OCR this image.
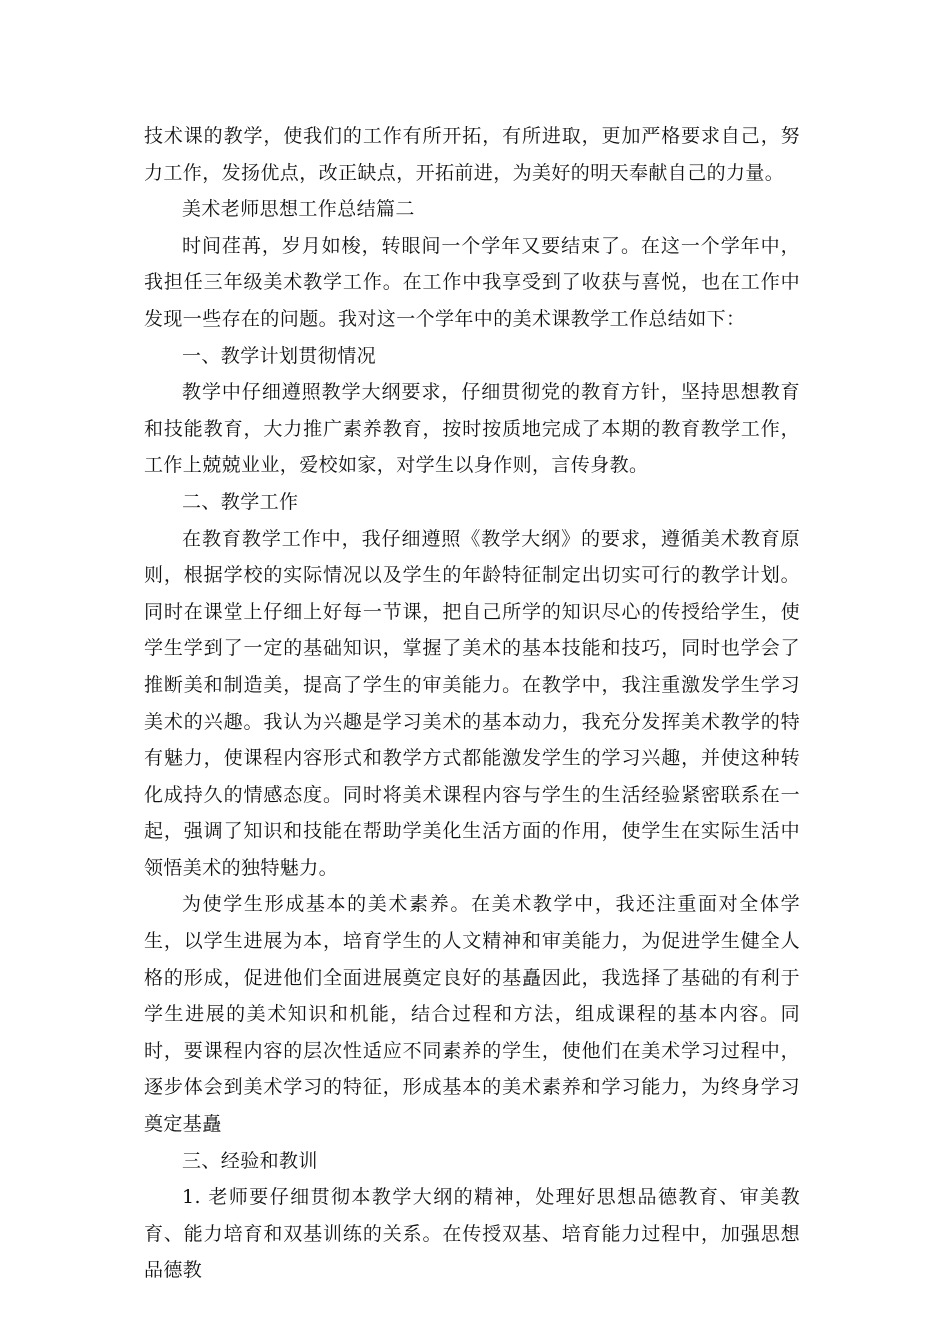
技术课的教学，使我们的工作有所开拓，有所进取，更加严格要求自己，努力工作，发扬优点，改正缺点，开拓前进，为美好的明天奉献自己的力量。

美术老师思想工作总结篇二

时间荏苒，岁月如梭，转眼间一个学年又要结束了。在这一个学年中，我担任三年级美术教学工作。在工作中我享受到了收获与喜悦，也在工作中发现一些存在的问题。我对这一个学年中的美术课教学工作总结如下：

一、教学计划贯彻情况

教学中仔细遵照教学大纲要求，仔细贯彻党的教育方针，坚持思想教育和技能教育，大力推广素养教育，按时按质地完成了本期的教育教学工作，工作上兢兢业业，爱校如家，对学生以身作则，言传身教。

二、教学工作

在教育教学工作中，我仔细遵照《教学大纲》的要求，遵循美术教育原则，根据学校的实际情况以及学生的年龄特征制定出切实可行的教学计划。同时在课堂上仔细上好每一节课，把自己所学的知识尽心的传授给学生，使学生学到了一定的基础知识，掌握了美术的基本技能和技巧，同时也学会了推断美和制造美，提高了学生的审美能力。在教学中，我注重激发学生学习美术的兴趣。我认为兴趣是学习美术的基本动力，我充分发挥美术教学的特有魅力，使课程内容形式和教学方式都能激发学生的学习兴趣，并使这种转化成持久的情感态度。同时将美术课程内容与学生的生活经验紧密联系在一起，强调了知识和技能在帮助学美化生活方面的作用，使学生在实际生活中领悟美术的独特魅力。

为使学生形成基本的美术素养。在美术教学中，我还注重面对全体学生，以学生进展为本，培育学生的人文精神和审美能力，为促进学生健全人格的形成，促进他们全面进展奠定良好的基矗因此，我选择了基础的有利于学生进展的美术知识和机能，结合过程和方法，组成课程的基本内容。同时，要课程内容的层次性适应不同素养的学生，使他们在美术学习过程中，逐步体会到美术学习的特征，形成基本的美术素养和学习能力，为终身学习奠定基矗

三、经验和教训

1. 老师要仔细贯彻本教学大纲的精神，处理好思想品德教育、审美教育、能力培育和双基训练的关系。在传授双基、培育能力过程中，加强思想品德教
